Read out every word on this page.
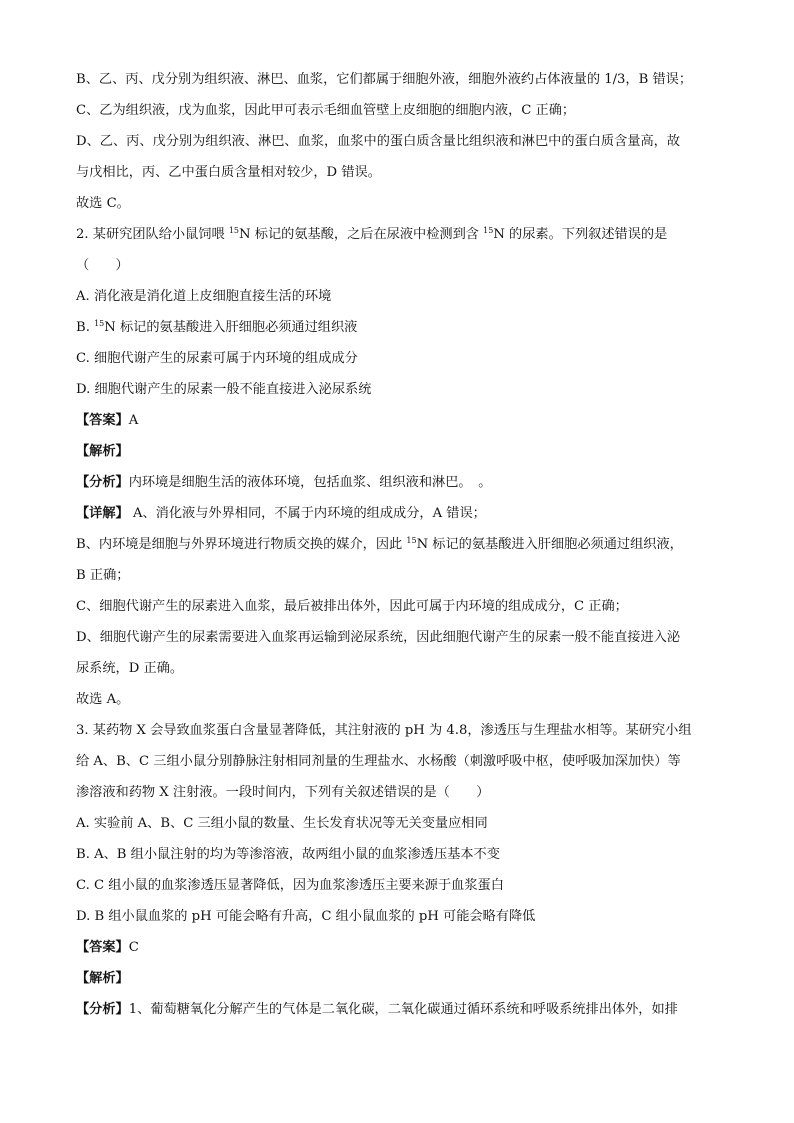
B、乙、丙、戊分别为组织液、淋巴、血浆，它们都属于细胞外液，细胞外液约占体液量的 1/3，B 错误；
C、乙为组织液，戊为血浆，因此甲可表示毛细血管壁上皮细胞的细胞内液，C 正确；
D、乙、丙、戊分别为组织液、淋巴、血浆，血浆中的蛋白质含量比组织液和淋巴中的蛋白质含量高，故
与戊相比，丙、乙中蛋白质含量相对较少，D 错误。
故选 C。
2. 某研究团队给小鼠饲喂 $^{15}$N 标记的氨基酸，之后在尿液中检测到含 $^{15}$N 的尿素。下列叙述错误的是
（　　）
A. 消化液是消化道上皮细胞直接生活的环境
B. $^{15}$N 标记的氨基酸进入肝细胞必须通过组织液
C. 细胞代谢产生的尿素可属于内环境的组成成分
D. 细胞代谢产生的尿素一般不能直接进入泌尿系统
【答案】A
【解析】
【分析】内环境是细胞生活的液体环境，包括血浆、组织液和淋巴。　。
【详解】 A、消化液与外界相同，不属于内环境的组成成分，A 错误；
B、内环境是细胞与外界环境进行物质交换的媒介，因此 $^{15}$N 标记的氨基酸进入肝细胞必须通过组织液，
B 正确；
C、细胞代谢产生的尿素进入血浆，最后被排出体外，因此可属于内环境的组成成分，C 正确；
D、细胞代谢产生的尿素需要进入血浆再运输到泌尿系统，因此细胞代谢产生的尿素一般不能直接进入泌
尿系统，D 正确。
故选 A。
3. 某药物 X 会导致血浆蛋白含量显著降低，其注射液的 pH 为 4.8，渗透压与生理盐水相等。某研究小组
给 A、B、C 三组小鼠分别静脉注射相同剂量的生理盐水、水杨酸（刺激呼吸中枢，使呼吸加深加快）等
渗溶液和药物 X 注射液。一段时间内，下列有关叙述错误的是（　　）
A. 实验前 A、B、C 三组小鼠的数量、生长发育状况等无关变量应相同
B. A、B 组小鼠注射的均为等渗溶液，故两组小鼠的血浆渗透压基本不变
C. C 组小鼠的血浆渗透压显著降低，因为血浆渗透压主要来源于血浆蛋白
D. B 组小鼠血浆的 pH 可能会略有升高，C 组小鼠血浆的 pH 可能会略有降低
【答案】C
【解析】
【分析】1、葡萄糖氧化分解产生的气体是二氧化碳，二氧化碳通过循环系统和呼吸系统排出体外，如排
